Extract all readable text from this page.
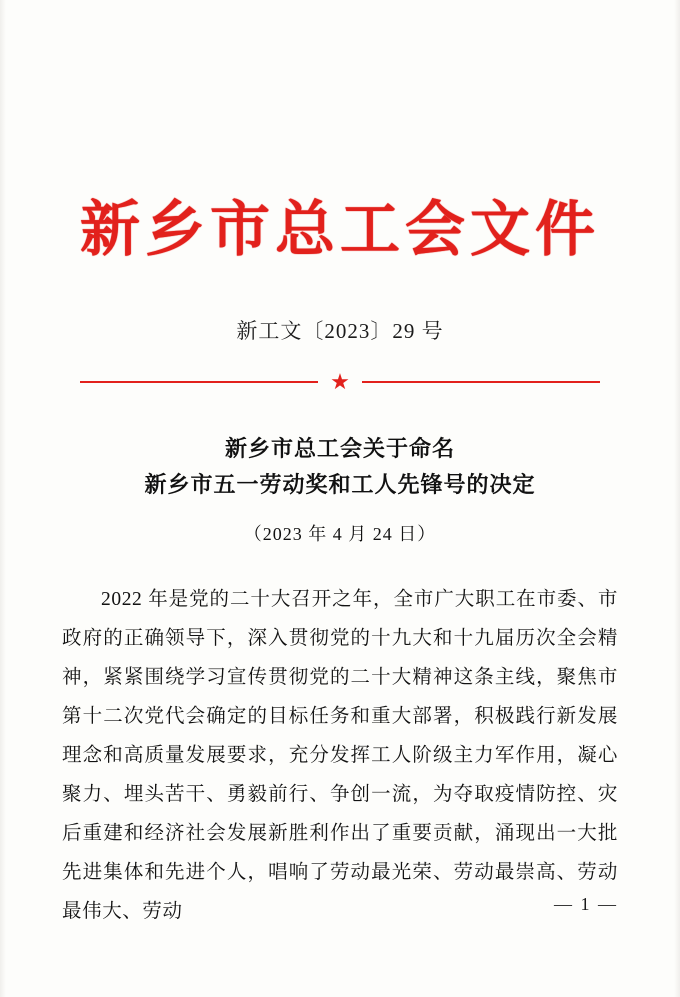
新乡市总工会文件
新工文〔2023〕29 号
★
新乡市总工会关于命名
新乡市五一劳动奖和工人先锋号的决定
（2023 年 4 月 24 日）

2022 年是党的二十大召开之年，全市广大职工在市委、市政府的正确领导下，深入贯彻党的十九大和十九届历次全会精神，紧紧围绕学习宣传贯彻党的二十大精神这条主线，聚焦市第十二次党代会确定的目标任务和重大部署，积极践行新发展理念和高质量发展要求，充分发挥工人阶级主力军作用，凝心聚力、埋头苦干、勇毅前行、争创一流，为夺取疫情防控、灾后重建和经济社会发展新胜利作出了重要贡献，涌现出一大批先进集体和先进个人，唱响了劳动最光荣、劳动最崇高、劳动最伟大、劳动	— 1 —
